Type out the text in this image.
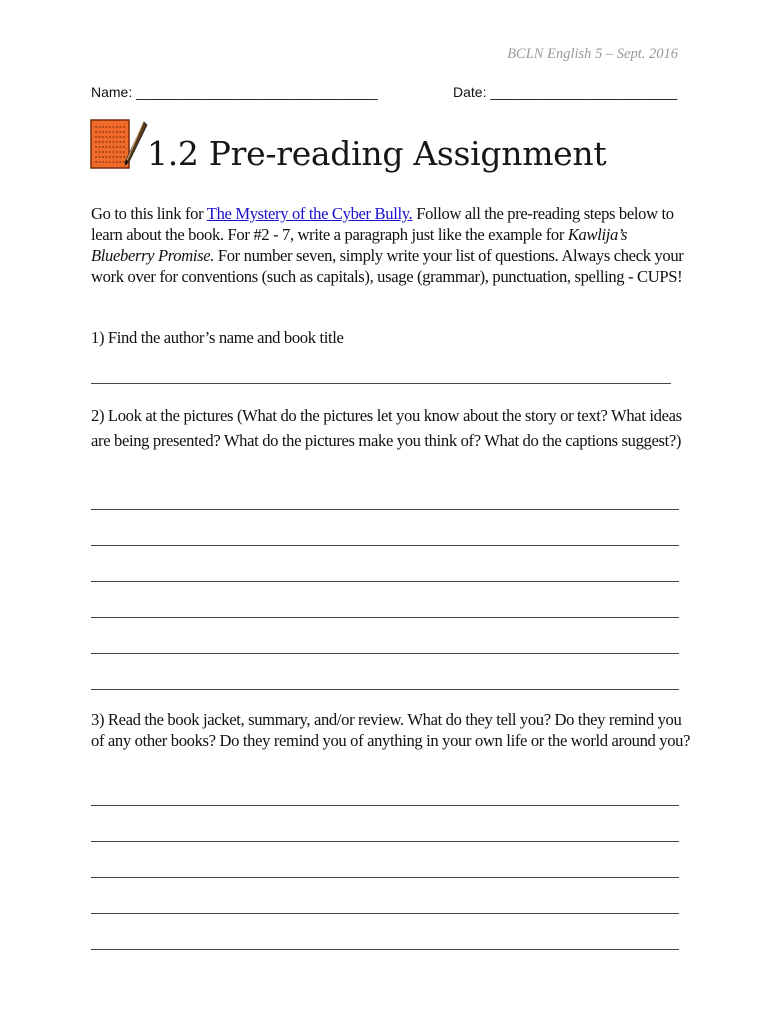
BCLN English 5 – Sept. 2016
Name: _______________________________	Date: ________________________
1.2 Pre-reading Assignment
Go to this link for The Mystery of the Cyber Bully. Follow all the pre-reading steps below to learn about the book. For #2 - 7, write a paragraph just like the example for Kawlija’s Blueberry Promise. For number seven, simply write your list of questions. Always check your work over for conventions (such as capitals), usage (grammar), punctuation, spelling - CUPS!
1) Find the author’s name and book title
2) Look at the pictures (What do the pictures let you know about the story or text? What ideas are being presented? What do the pictures make you think of? What do the captions suggest?)
3) Read the book jacket, summary, and/or review. What do they tell you? Do they remind you of any other books? Do they remind you of anything in your own life or the world around you?
